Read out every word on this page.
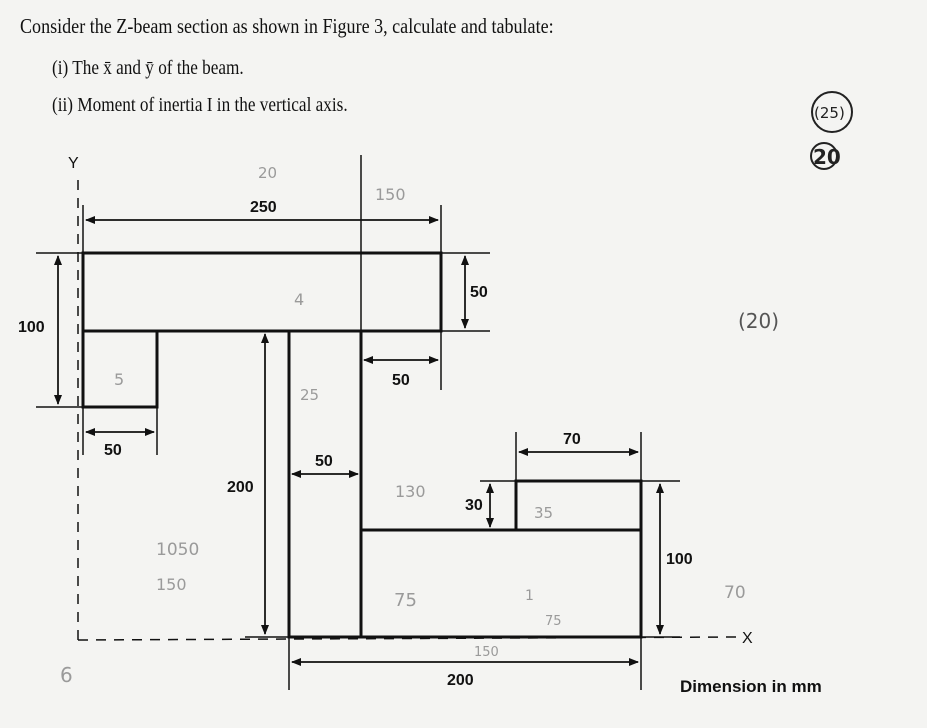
Consider the Z-beam section as shown in Figure 3, calculate and tabulate:
(i) The x̄ and ȳ of the beam.
(ii) Moment of inertia I in the vertical axis.
250
100
50
50
50
50
200
70
30
100
200
Y
X
Dimension in mm
(25)
20
(20)
20
150
4
5
25
130
35
1050
150
75	1	70
6
150
75
